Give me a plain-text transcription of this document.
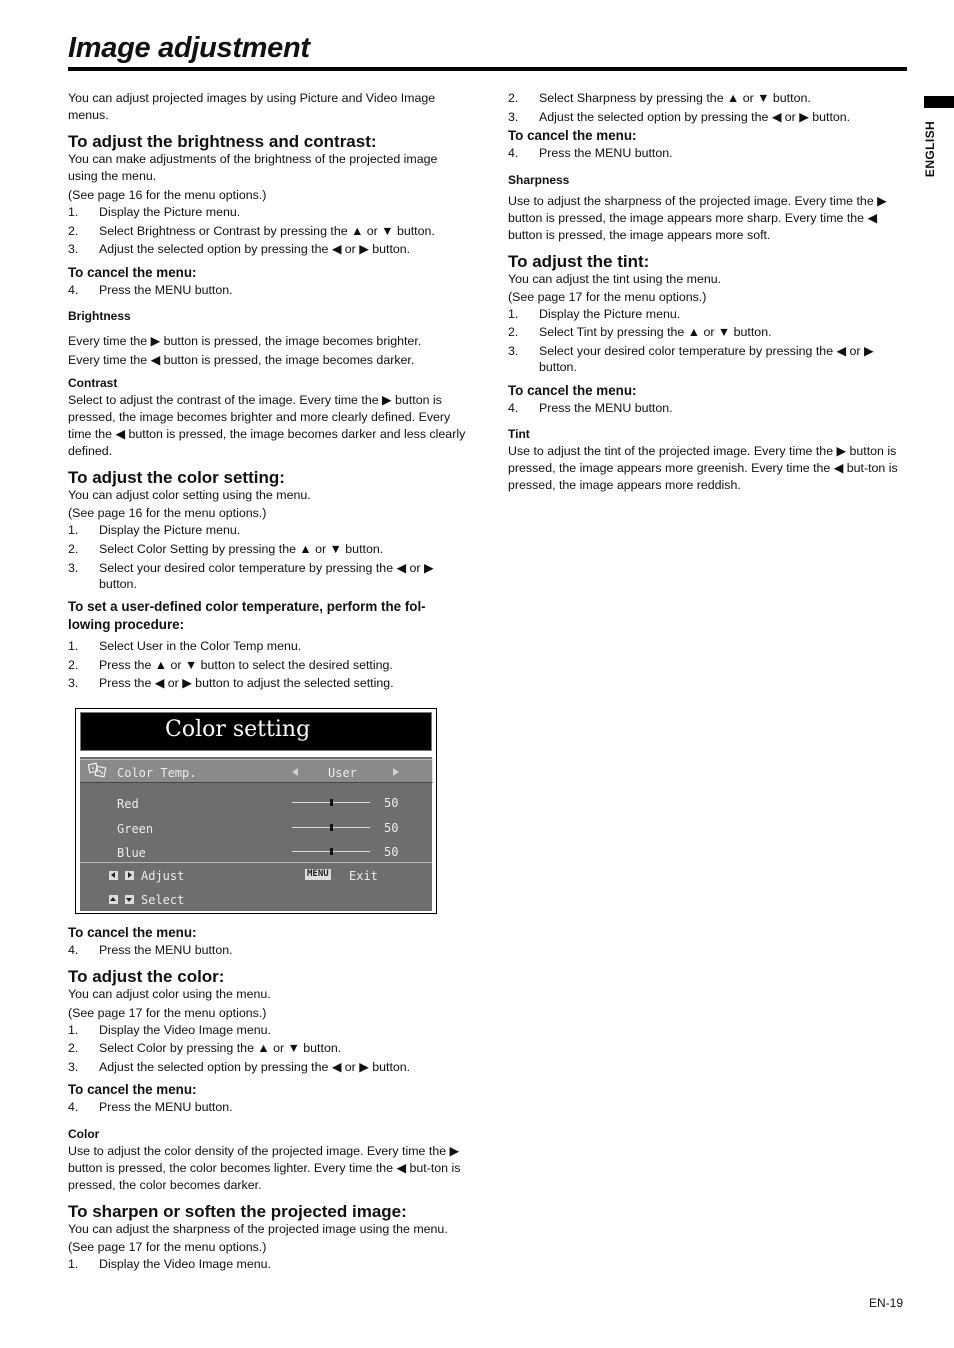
Image adjustment
ENGLISH

You can adjust projected images by using Picture and Video Image menus.

To adjust the brightness and contrast:

You can make adjustments of the brightness of the projected image using the menu.

(See page 16 for the menu options.)

1.	Display the Picture menu.
2.	Select Brightness or Contrast by pressing the ▲ or ▼ button.
3.	Adjust the selected option by pressing the ◀ or ▶ button.

To cancel the menu:

4.	Press the MENU button.

Brightness

Every time the ▶ button is pressed, the image becomes brighter.

Every time the ◀ button is pressed, the image becomes darker.

Contrast

Select to adjust the contrast of the image. Every time the ▶ button is pressed, the image becomes brighter and more clearly defined. Every time the ◀ button is pressed, the image becomes darker and less clearly defined.

To adjust the color setting:

You can adjust color setting using the menu.

(See page 16 for the menu options.)

1.	Display the Picture menu.
2.	Select Color Setting by pressing the ▲ or ▼ button.
3.	Select your desired color temperature by pressing the ◀ or ▶ button.

To set a user-defined color temperature, perform the fol-lowing procedure:

1.	Select User in the Color Temp menu.
2.	Press the ▲ or ▼ button to select the desired setting.
3.	Press the ◀ or ▶ button to adjust the selected setting.
Color setting
Color Temp.	User
Red	50
Green	50
Blue	50
Adjust	MENU Exit
Select

To cancel the menu:

4.	Press the MENU button.

To adjust the color:

You can adjust color using the menu.

(See page 17 for the menu options.)

1.	Display the Video Image menu.
2.	Select Color by pressing the ▲ or ▼ button.
3.	Adjust the selected option by pressing the ◀ or ▶ button.

To cancel the menu:

4.	Press the MENU button.

Color

Use to adjust the color density of the projected image. Every time the ▶ button is pressed, the color becomes lighter. Every time the ◀ but-ton is pressed, the color becomes darker.

To sharpen or soften the projected image:

You can adjust the sharpness of the projected image using the menu.

(See page 17 for the menu options.)

1.	Display the Video Image menu.
2.	Select Sharpness by pressing the ▲ or ▼ button.
3.	Adjust the selected option by pressing the ◀ or ▶ button.

To cancel the menu:

4.	Press the MENU button.

Sharpness

Use to adjust the sharpness of the projected image. Every time the ▶ button is pressed, the image appears more sharp. Every time the ◀ button is pressed, the image appears more soft.

To adjust the tint:

You can adjust the tint using the menu.

(See page 17 for the menu options.)

1.	Display the Picture menu.
2.	Select Tint by pressing the ▲ or ▼ button.
3.	Select your desired color temperature by pressing the ◀ or ▶ button.

To cancel the menu:

4.	Press the MENU button.

Tint

Use to adjust the tint of the projected image. Every time the ▶ button is pressed, the image appears more greenish. Every time the ◀ but-ton is pressed, the image appears more reddish.

EN-19
